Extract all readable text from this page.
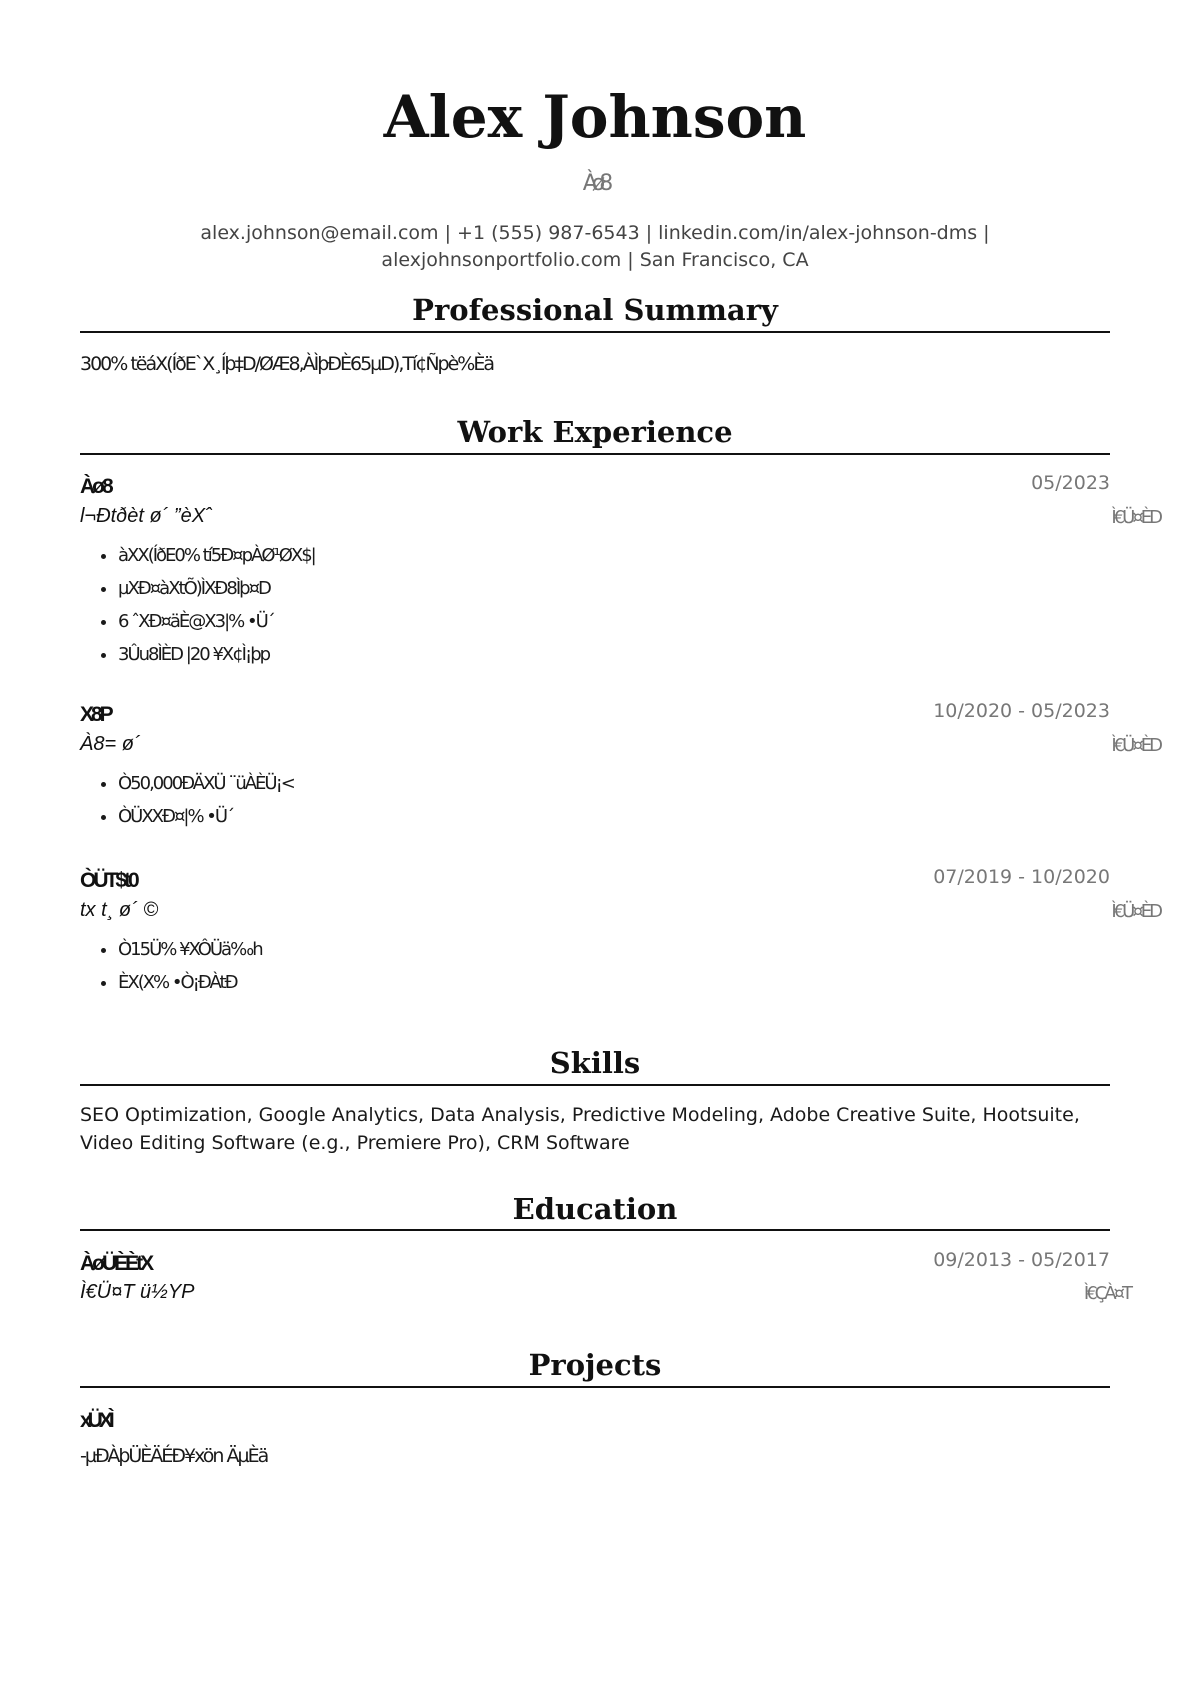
Alex Johnson
Àø8
alex.johnson@email.com | +1 (555) 987-6543 | linkedin.com/in/alex-johnson-dms | alexjohnsonportfolio.com | San Francisco, CA
Professional Summary
300% tëáX(ÍðE`X¸Íþ‡D/ØÆ8,ÀÌþÐÈ65µD)‚Tí¢Ñpè%Èä
Work Experience
Àø8	05/2023
l¬Ðtðèt ø´ ”èXˆ	Ì€Ü¤ÈD
• àXX(ÍðE0% tí5Ð¤pÀØ¹ØX$|
• µXÐ¤àXtÕ)ÌXÐ8Ìþ¤D
• 6 ˆXÐ¤äÈ@X3|% •Ü´
• 3Ûu8ÌÈD |20 ¥X¢Ì¡þp
X8P	10/2020 - 05/2023
À8= ø´	Ì€Ü¤ÈD
• Ò50,000ÐÄXÜ ¨üÀÈÜ¡<
• ÒÜXXÐ¤|% •Ü´
ÒÜT$t0	07/2019 - 10/2020
tx t¸ ø´ ©	Ì€Ü¤ÈD
• Ò15Ü% ¥XÔÜä‰h
• ÈX(X% •Ò¡ÐÀtÐ
Skills
SEO Optimization, Google Analytics, Data Analysis, Predictive Modeling, Adobe Creative Suite, Hootsuite, Video Editing Software (e.g., Premiere Pro), CRM Software
Education
ÀøÜÈÈtX	09/2013 - 05/2017
Ì€Ü¤T ü½YP	Ì€ÇÀ¤T
Projects
xÜXÌ
-µÐÀþÜÈÄÉÐ¥xön ÄµÈä
